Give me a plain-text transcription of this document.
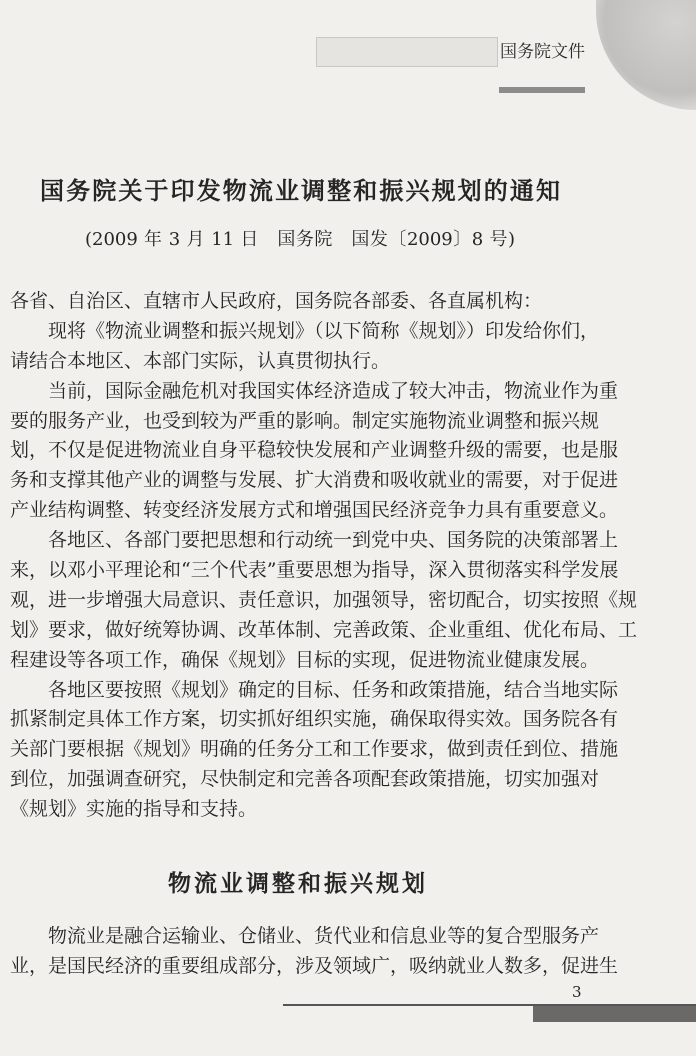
国务院文件
国务院关于印发物流业调整和振兴规划的通知
(2009 年 3 月 11 日　国务院　国发〔2009〕8 号)
各省、自治区、直辖市人民政府，国务院各部委、各直属机构：
现将《物流业调整和振兴规划》（以下简称《规划》）印发给你们，
请结合本地区、本部门实际，认真贯彻执行。
当前，国际金融危机对我国实体经济造成了较大冲击，物流业作为重
要的服务产业，也受到较为严重的影响。制定实施物流业调整和振兴规
划，不仅是促进物流业自身平稳较快发展和产业调整升级的需要，也是服
务和支撑其他产业的调整与发展、扩大消费和吸收就业的需要，对于促进
产业结构调整、转变经济发展方式和增强国民经济竞争力具有重要意义。
各地区、各部门要把思想和行动统一到党中央、国务院的决策部署上
来，以邓小平理论和“三个代表”重要思想为指导，深入贯彻落实科学发展
观，进一步增强大局意识、责任意识，加强领导，密切配合，切实按照《规
划》要求，做好统筹协调、改革体制、完善政策、企业重组、优化布局、工
程建设等各项工作，确保《规划》目标的实现，促进物流业健康发展。
各地区要按照《规划》确定的目标、任务和政策措施，结合当地实际
抓紧制定具体工作方案，切实抓好组织实施，确保取得实效。国务院各有
关部门要根据《规划》明确的任务分工和工作要求，做到责任到位、措施
到位，加强调查研究，尽快制定和完善各项配套政策措施，切实加强对
《规划》实施的指导和支持。
物流业调整和振兴规划
物流业是融合运输业、仓储业、货代业和信息业等的复合型服务产
业，是国民经济的重要组成部分，涉及领域广，吸纳就业人数多，促进生
3
